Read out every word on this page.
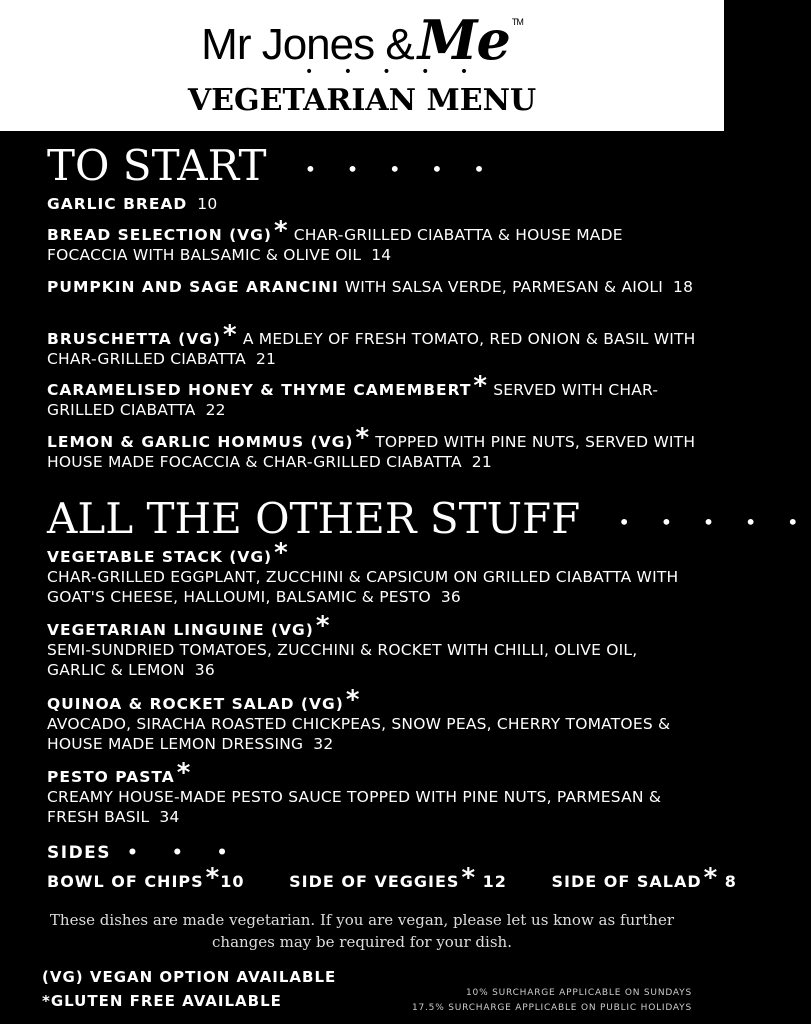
Mr Jones &Me ™
• • • • •
VEGETARIAN MENU
TO START • • • • •
GARLIC BREAD 10
BREAD SELECTION (VG)* CHAR-GRILLED CIABATTA & HOUSE MADE FOCACCIA WITH BALSAMIC & OLIVE OIL 14
PUMPKIN AND SAGE ARANCINI WITH SALSA VERDE, PARMESAN & AIOLI 18
BRUSCHETTA (VG)* A MEDLEY OF FRESH TOMATO, RED ONION & BASIL WITH CHAR-GRILLED CIABATTA 21
CARAMELISED HONEY & THYME CAMEMBERT* SERVED WITH CHAR-GRILLED CIABATTA 22
LEMON & GARLIC HOMMUS (VG)* TOPPED WITH PINE NUTS, SERVED WITH HOUSE MADE FOCACCIA & CHAR-GRILLED CIABATTA 21
ALL THE OTHER STUFF • • • • •
VEGETABLE STACK (VG)*
CHAR-GRILLED EGGPLANT, ZUCCHINI & CAPSICUM ON GRILLED CIABATTA WITH GOAT'S CHEESE, HALLOUMI, BALSAMIC & PESTO 36
VEGETARIAN LINGUINE (VG)*
SEMI-SUNDRIED TOMATOES, ZUCCHINI & ROCKET WITH CHILLI, OLIVE OIL, GARLIC & LEMON 36
QUINOA & ROCKET SALAD (VG)*
AVOCADO, SIRACHA ROASTED CHICKPEAS, SNOW PEAS, CHERRY TOMATOES & HOUSE MADE LEMON DRESSING 32
PESTO PASTA*
CREAMY HOUSE-MADE PESTO SAUCE TOPPED WITH PINE NUTS, PARMESAN & FRESH BASIL 34
SIDES • • •
BOWL OF CHIPS*10	SIDE OF VEGGIES* 12	SIDE OF SALAD* 8
These dishes are made vegetarian. If you are vegan, please let us know as further changes may be required for your dish.
(VG) VEGAN OPTION AVAILABLE
*GLUTEN FREE AVAILABLE	10% SURCHARGE APPLICABLE ON SUNDAYS
17.5% SURCHARGE APPLICABLE ON PUBLIC HOLIDAYS
